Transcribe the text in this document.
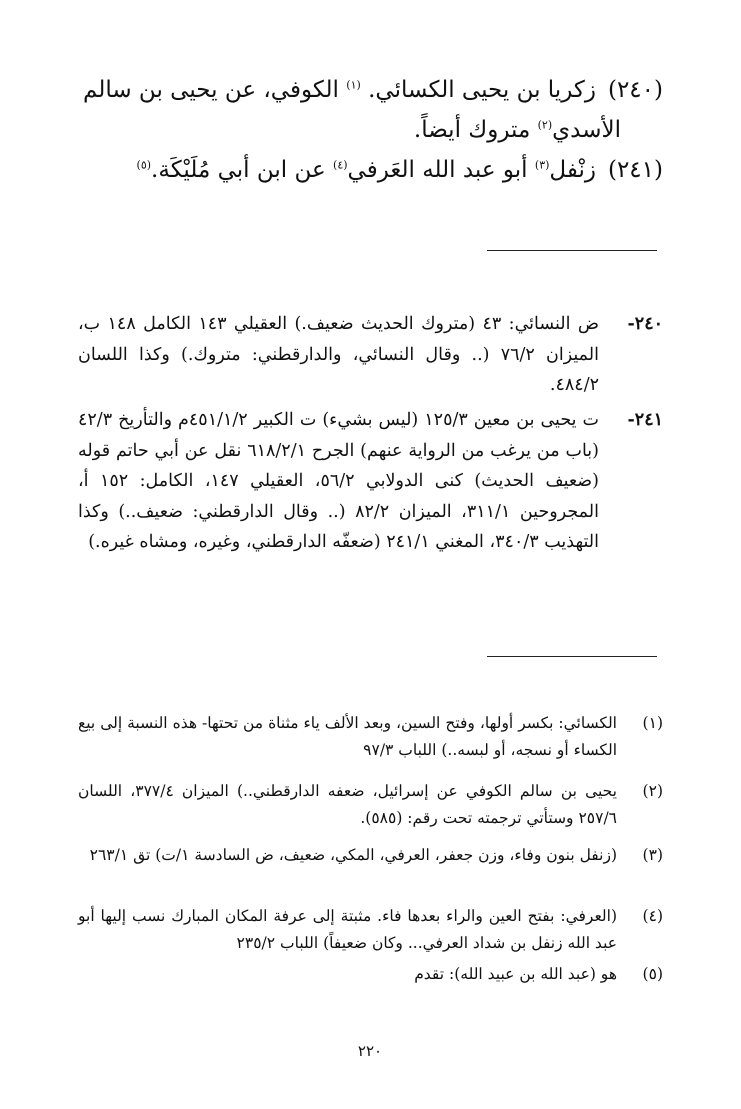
(٢٤٠)زكريا بن يحيى الكسائي. $^{(١)}$ الكوفي، عن يحيى بن سالم
الأسدي$^{(٢)}$ متروك أيضاً.
(٢٤١)زنْفل$^{(٣)}$ أبو عبد الله العَرفي$^{(٤)}$ عن ابن أبي مُلَيْكَة.$^{(٥)}$
٢٤٠-
ض النسائي: ٤٣ (متروك الحديث ضعيف.) العقيلي ١٤٣ الكامل ١٤٨ ب، الميزان ٧٦/٢ (.. وقال النسائي، والدارقطني: متروك.) وكذا اللسان ٤٨٤/٢.
٢٤١-
ت يحيى بن معين ١٢٥/٣ (ليس بشيء) ت الكبير ٤٥١/١/٢م والتأريخ ٤٢/٣ (باب من يرغب من الرواية عنهم) الجرح ٦١٨/٢/١ نقل عن أبي حاتم قوله (ضعيف الحديث) كنى الدولابي ٥٦/٢، العقيلي ١٤٧، الكامل: ١٥٢ أ، المجروحين ٣١١/١، الميزان ٨٢/٢ (.. وقال الدارقطني: ضعيف..) وكذا التهذيب ٣٤٠/٣، المغني ٢٤١/١ (ضعفّه الدارقطني، وغيره، ومشاه غيره.)
(١)
الكسائي: بكسر أولها، وفتح السين، وبعد الألف ياء مثناة من تحتها- هذه النسبة إلى بيع الكساء أو نسجه، أو لبسه..) اللباب ٩٧/٣
(٢)
يحيى بن سالم الكوفي عن إسرائيل، ضعفه الدارقطني..) الميزان ٣٧٧/٤، اللسان ٢٥٧/٦ وستأتي ترجمته تحت رقم: (٥٨٥).
(٣)
(زنفل بنون وفاء، وزن جعفر، العرفي، المكي، ضعيف، ض السادسة ١/ت) تق ٢٦٣/١
(٤)
(العرفي: بفتح العين والراء بعدها فاء. مثبتة إلى عرفة المكان المبارك نسب إليها أبو عبد الله زنفل بن شداد العرفي... وكان ضعيفاً) اللباب ٢٣٥/٢
(٥)
هو (عبد الله بن عبيد الله): تقدم
٢٢٠
